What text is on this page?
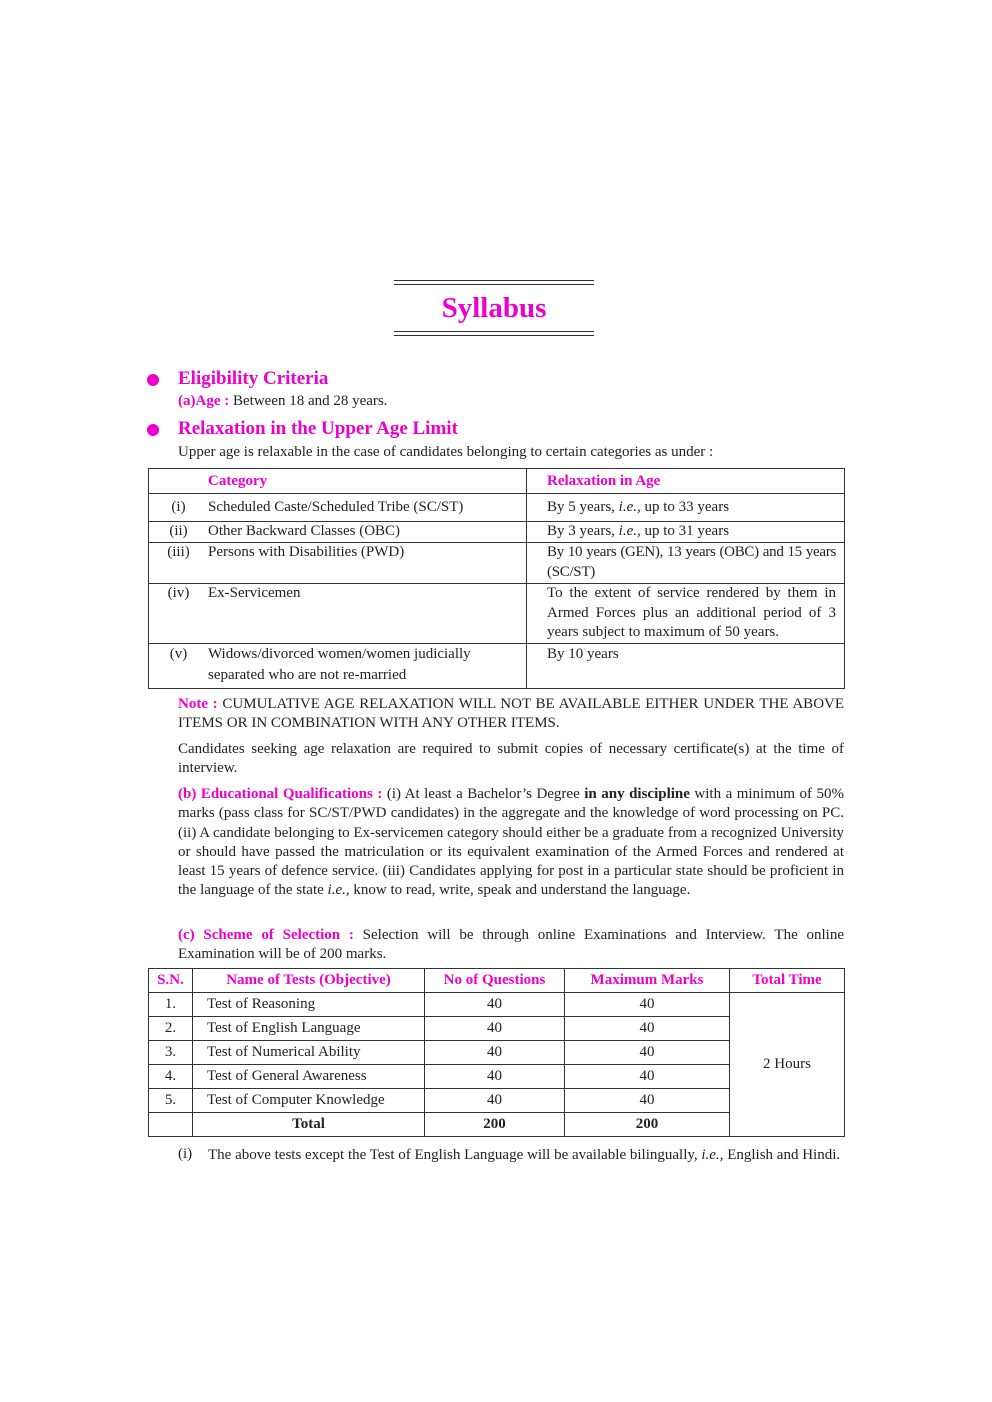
Syllabus
Eligibility Criteria
(a)Age : Between 18 and 28 years.
Relaxation in the Upper Age Limit
Upper age is relaxable in the case of candidates belonging to certain categories as under :
	Category	Relaxation in Age
(i)	Scheduled Caste/Scheduled Tribe (SC/ST)	By 5 years, i.e., up to 33 years
(ii)	Other Backward Classes (OBC)	By 3 years, i.e., up to 31 years
(iii)	Persons with Disabilities (PWD)	By 10 years (GEN), 13 years (OBC) and 15 years (SC/ST)
(iv)	Ex-Servicemen	To the extent of service rendered by them in Armed Forces plus an additional period of 3 years subject to maximum of 50 years.
(v)	Widows/divorced women/women judicially separated who are not re-married	By 10 years
Note : CUMULATIVE AGE RELAXATION WILL NOT BE AVAILABLE EITHER UNDER THE ABOVE ITEMS OR IN COMBINATION WITH ANY OTHER ITEMS.
Candidates seeking age relaxation are required to submit copies of necessary certificate(s) at the time of interview.
(b) Educational Qualifications : (i) At least a Bachelor’s Degree in any discipline with a minimum of 50% marks (pass class for SC/ST/PWD candidates) in the aggregate and the knowledge of word processing on PC. (ii) A candidate belonging to Ex-servicemen category should either be a graduate from a recognized University or should have passed the matriculation or its equivalent examination of the Armed Forces and rendered at least 15 years of defence service. (iii) Candidates applying for post in a particular state should be proficient in the language of the state i.e., know to read, write, speak and understand the language.
(c) Scheme of Selection : Selection will be through online Examinations and Interview. The online Examination will be of 200 marks.
S.N.	Name of Tests (Objective)	No of Questions	Maximum Marks	Total Time
1.	Test of Reasoning	40	40	2 Hours
2.	Test of English Language	40	40	
3.	Test of Numerical Ability	40	40	
4.	Test of General Awareness	40	40	
5.	Test of Computer Knowledge	40	40	
	Total	200	200	
(i)	The above tests except the Test of English Language will be available bilingually, i.e., English and Hindi.
